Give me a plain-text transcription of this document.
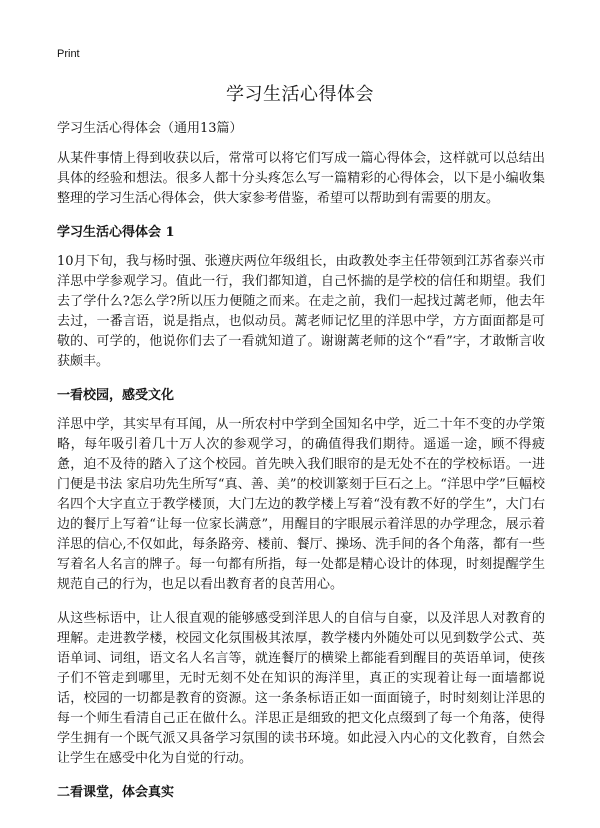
Print
学习生活心得体会
学习生活心得体会（通用13篇）

从某件事情上得到收获以后，常常可以将它们写成一篇心得体会，这样就可以总结出具体的经验和想法。很多人都十分头疼怎么写一篇精彩的心得体会，以下是小编收集整理的学习生活心得体会，供大家参考借鉴，希望可以帮助到有需要的朋友。

学习生活心得体会 1

10月下旬，我与杨时强、张遵庆两位年级组长，由政教处李主任带领到江苏省泰兴市洋思中学参观学习。值此一行，我们都知道，自己怀揣的是学校的信任和期望。我们去了学什么?怎么学?所以压力便随之而来。在走之前，我们一起找过蓠老师，他去年去过，一番言语，说是指点，也似动员。蓠老师记忆里的洋思中学，方方面面都是可敬的、可学的，他说你们去了一看就知道了。谢谢蓠老师的这个“看”字，才敢惭言收获颇丰。

一看校园，感受文化

洋思中学，其实早有耳闻，从一所农村中学到全国知名中学，近二十年不变的办学策略，每年吸引着几十万人次的参观学习，的确值得我们期待。遥遥一途，顾不得疲惫，迫不及待的踏入了这个校园。首先映入我们眼帘的是无处不在的学校标语。一进门便是书法 家启功先生所写“真、善、美”的校训篆刻于巨石之上。“洋思中学”巨幅校名四个大字直立于教学楼顶，大门左边的教学楼上写着“没有教不好的学生”，大门右边的餐厅上写着“让每一位家长满意”，用醒目的字眼展示着洋思的办学理念，展示着洋思的信心,不仅如此，每条路旁、楼前、餐厅、操场、洗手间的各个角落，都有一些写着名人名言的牌子。每一句都有所指，每一处都是精心设计的体现，时刻提醒学生规范自己的行为，也足以看出教育者的良苦用心。

从这些标语中，让人很直观的能够感受到洋思人的自信与自豪，以及洋思人对教育的理解。走进教学楼，校园文化氛围极其浓厚，教学楼内外随处可以见到数学公式、英语单词、词组，语文名人名言等，就连餐厅的横梁上都能看到醒目的英语单词，使孩子们不管走到哪里，无时无刻不处在知识的海洋里，真正的实现着让每一面墙都说话，校园的一切都是教育的资源。这一条条标语正如一面面镜子，时时刻刻让洋思的每一个师生看清自己正在做什么。洋思正是细致的把文化点缀到了每一个角落，使得学生拥有一个既气派又具备学习氛围的读书环境。如此浸入内心的文化教育，自然会让学生在感受中化为自觉的行动。

二看课堂，体会真实
